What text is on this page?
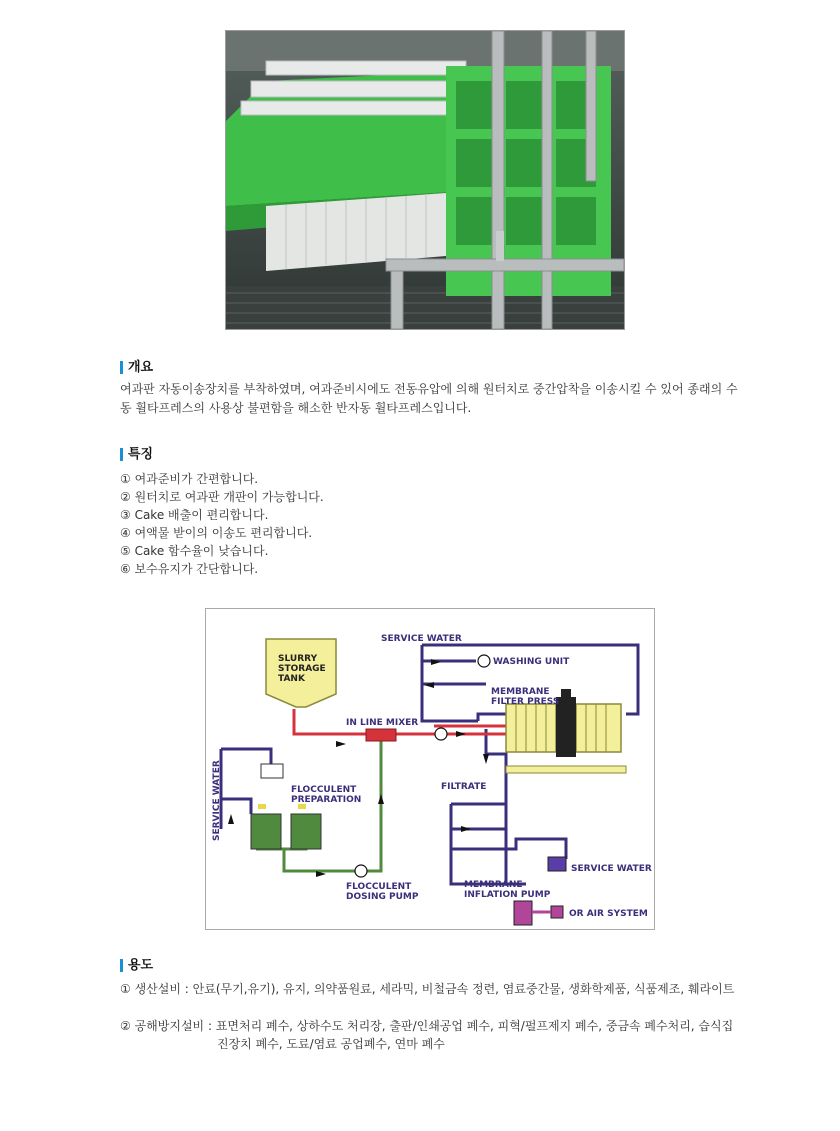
개요

여과판 자동이송장치를 부착하였며, 여과준비시에도 전동유압에 의해 원터치로 중간압착을 이송시킬 수 있어 종래의 수
동 휠타프레스의 사용상 불편함을 해소한 반자동 휠타프레스입니다.

특징
① 여과준비가 간편합니다.
② 원터치로 여과판 개판이 가능합니다.
③ Cake 배출이 편리합니다.
④ 여액물 받이의 이송도 편리합니다.
⑤ Cake 함수율이 낮습니다.
⑥ 보수유지가 간단합니다.
SERVICE WATER
WASHING UNIT
MEMBRANE
FILTER PRESS
IN LINE MIXER
FILTRATE
FLOCCULENT
PREPARATION
SERVICE WATER
MEMBRANE
INFLATION PUMP
FLOCCULENT
DOSING PUMP
OR AIR SYSTEM
SERVICE WATER
SLURRY
STORAGE
TANK
용도
① 생산설비 : 안료(무기,유기), 유지, 의약품원료, 세라믹, 비철금속 정련, 염료중간물, 생화학제품, 식품제조, 훼라이트
② 공해방지설비 : 표면처리 폐수, 상하수도 처리장, 출판/인쇄공업 폐수, 피혁/펄프제지 폐수, 중금속 폐수처리, 습식집
진장치 폐수, 도료/염료 공업폐수, 연마 폐수
